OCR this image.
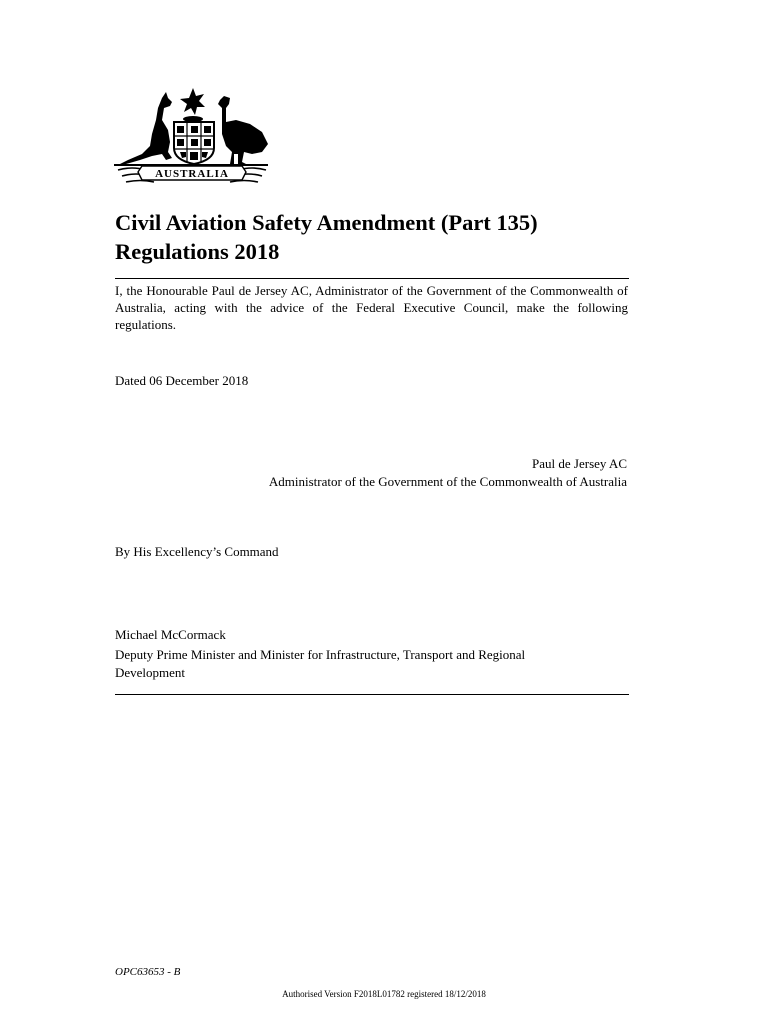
AUSTRALIA
Civil Aviation Safety Amendment (Part 135) Regulations 2018

I, the Honourable Paul de Jersey AC, Administrator of the Government of the Commonwealth of Australia, acting with the advice of the Federal Executive Council, make the following regulations.

Dated 06 December 2018

Paul de Jersey AC

Administrator of the Government of the Commonwealth of Australia

By His Excellency’s Command

Michael McCormack

Deputy Prime Minister and Minister for Infrastructure, Transport and Regional Development

OPC63653 - B

Authorised Version F2018L01782 registered 18/12/2018
